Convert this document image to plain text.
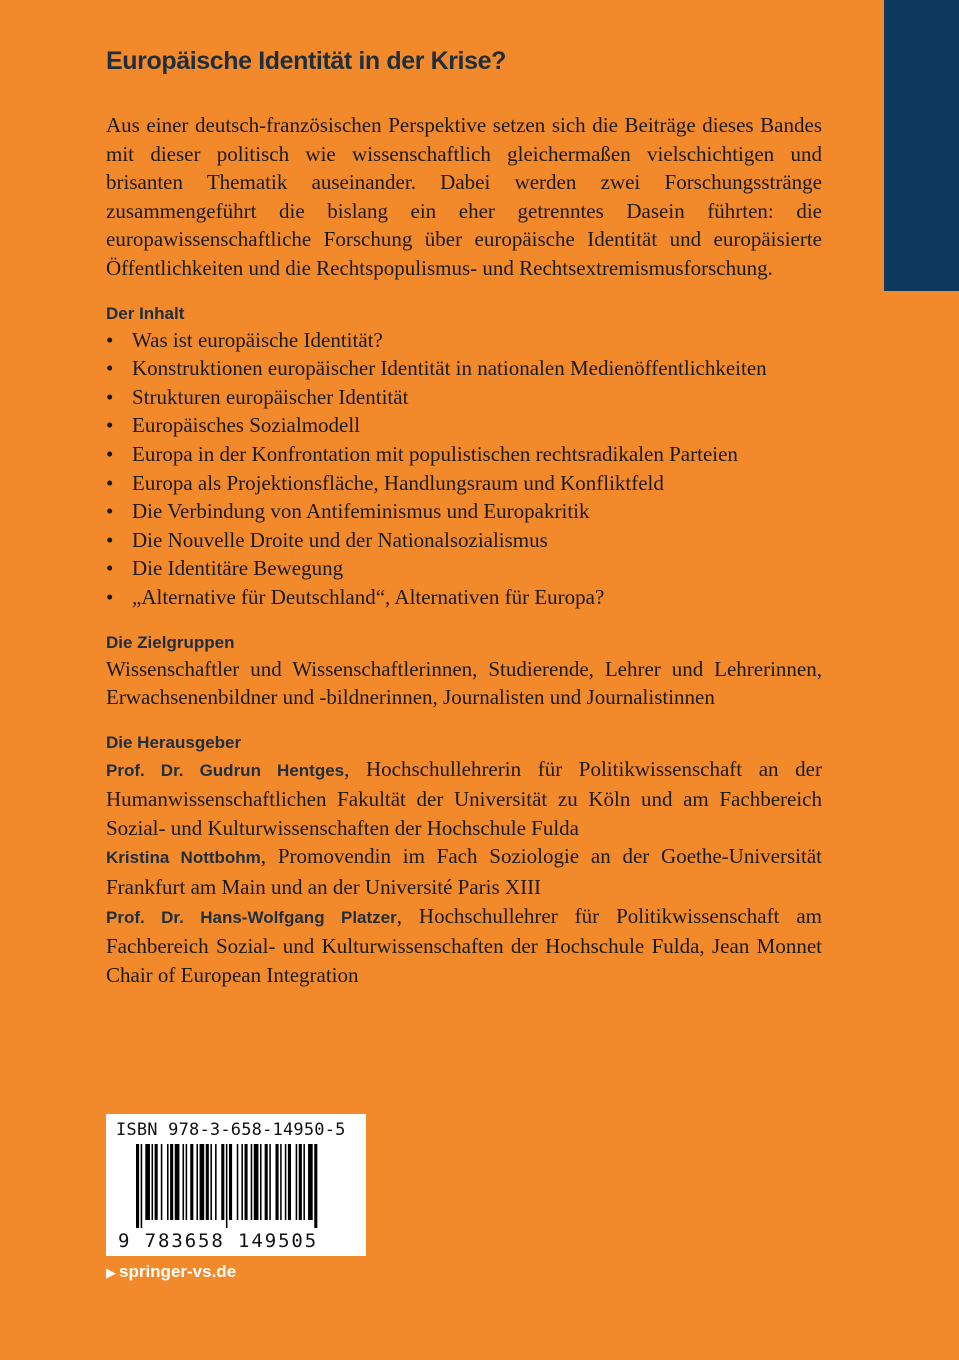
Europäische Identität in der Krise?

Aus einer deutsch-französischen Perspektive setzen sich die Beiträge dieses Bandes mit dieser politisch wie wissenschaftlich gleichermaßen vielschichtigen und brisanten Thematik auseinander. Dabei werden zwei Forschungsstränge zusammengeführt die bislang ein eher getrenntes Dasein führten: die europawissenschaftliche Forschung über europäische Identität und europäisierte Öffentlichkeiten und die Rechtspopulismus- und Rechtsextremismusforschung.

Der Inhalt
• Was ist europäische Identität?
• Konstruktionen europäischer Identität in nationalen Medienöffentlichkeiten
• Strukturen europäischer Identität
• Europäisches Sozialmodell
• Europa in der Konfrontation mit populistischen rechtsradikalen Parteien
• Europa als Projektionsfläche, Handlungsraum und Konfliktfeld
• Die Verbindung von Antifeminismus und Europakritik
• Die Nouvelle Droite und der Nationalsozialismus
• Die Identitäre Bewegung
• „Alternative für Deutschland“, Alternativen für Europa?
Die Zielgruppen

Wissenschaftler und Wissenschaftlerinnen, Studierende, Lehrer und Lehrerinnen, Erwachsenenbildner und -bildnerinnen, Journalisten und Journalistinnen

Die Herausgeber

Prof. Dr. Gudrun Hentges, Hochschullehrerin für Politikwissenschaft an der Humanwissenschaftlichen Fakultät der Universität zu Köln und am Fachbereich Sozial- und Kulturwissenschaften der Hochschule Fulda

Kristina Nottbohm, Promovendin im Fach Soziologie an der Goethe-Universität Frankfurt am Main und an der Université Paris XIII

Prof. Dr. Hans-Wolfgang Platzer, Hochschullehrer für Politikwissenschaft am Fachbereich Sozial- und Kulturwissenschaften der Hochschule Fulda, Jean Monnet Chair of European Integration

ISBN 978-3-658-14950-5
9 783658 149505
▶ springer-vs.de
